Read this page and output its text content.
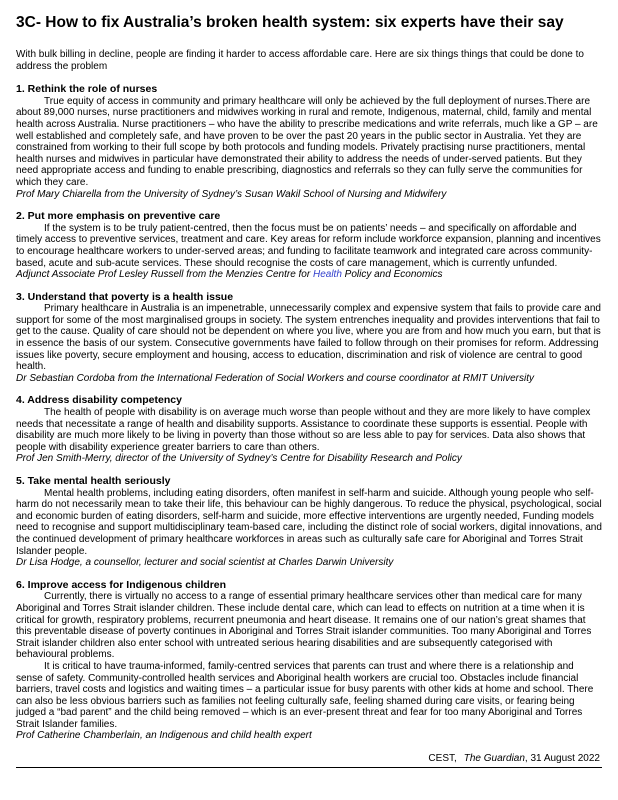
3C- How to fix Australia’s broken health system: six experts have their say

With bulk billing in decline, people are finding it harder to access affordable care. Here are six things things that could be done to address the problem

1. Rethink the role of nurses

True equity of access in community and primary healthcare will only be achieved by the full deployment of nurses.There are about 89,000 nurses, nurse practitioners and midwives working in rural and remote, Indigenous, maternal, child, family and mental health across Australia. Nurse practitioners – who have the ability to prescribe medications and write referrals, much like a GP – are well established and completely safe, and have proven to be over the past 20 years in the public sector in Australia. Yet they are constrained from working to their full scope by both protocols and funding models. Privately practising nurse practitioners, mental health nurses and midwives in particular have demonstrated their ability to address the needs of under-served patients. But they need appropriate access and funding to enable prescribing, diagnostics and referrals so they can fully serve the communities for which they care.

Prof Mary Chiarella from the University of Sydney’s Susan Wakil School of Nursing and Midwifery

2. Put more emphasis on preventive care

If the system is to be truly patient-centred, then the focus must be on patients’ needs – and specifically on affordable and timely access to preventive services, treatment and care. Key areas for reform include workforce expansion, planning and incentives to encourage healthcare workers to under-served areas; and funding to facilitate teamwork and integrated care across community-based, acute and sub-acute services. These should recognise the costs of care management, which is currently unfunded.

Adjunct Associate Prof Lesley Russell from the Menzies Centre for Health Policy and Economics

3. Understand that poverty is a health issue

Primary healthcare in Australia is an impenetrable, unnecessarily complex and expensive system that fails to provide care and support for some of the most marginalised groups in society. The system entrenches inequality and provides interventions that fail to get to the cause. Quality of care should not be dependent on where you live, where you are from and how much you earn, but that is in essence the basis of our system. Consecutive governments have failed to follow through on their promises for reform. Addressing issues like poverty, secure employment and housing, access to education, discrimination and risk of violence are central to good health.

Dr Sebastian Cordoba from the International Federation of Social Workers and course coordinator at RMIT University

4. Address disability competency

The health of people with disability is on average much worse than people without and they are more likely to have complex needs that necessitate a range of health and disability supports. Assistance to coordinate these supports is essential. People with disability are much more likely to be living in poverty than those without so are less able to pay for services. Data also shows that people with disability experience greater barriers to care than others.

Prof Jen Smith-Merry, director of the University of Sydney’s Centre for Disability Research and Policy

5. Take mental health seriously

Mental health problems, including eating disorders, often manifest in self-harm and suicide. Although young people who self-harm do not necessarily mean to take their life, this behaviour can be highly dangerous. To reduce the physical, psychological, social and economic burden of eating disorders, self-harm and suicide, more effective interventions are urgently needed, Funding models need to recognise and support multidisciplinary team-based care, including the distinct role of social workers, digital innovations, and the continued development of primary healthcare workforces in areas such as culturally safe care for Aboriginal and Torres Strait Islander people.

Dr Lisa Hodge, a counsellor, lecturer and social scientist at Charles Darwin University

6. Improve access for Indigenous children

Currently, there is virtually no access to a range of essential primary healthcare services other than medical care for many Aboriginal and Torres Strait islander children. These include dental care, which can lead to effects on nutrition at a time when it is critical for growth, respiratory problems, recurrent pneumonia and heart disease. It remains one of our nation’s great shames that this preventable disease of poverty continues in Aboriginal and Torres Strait islander communities. Too many Aboriginal and Torres Strait islander children also enter school with untreated serious hearing disabilities and are subsequently categorised with behavioural problems.

It is critical to have trauma-informed, family-centred services that parents can trust and where there is a relationship and sense of safety. Community-controlled health services and Aboriginal health workers are crucial too. Obstacles include financial barriers, travel costs and logistics and waiting times – a particular issue for busy parents with other kids at home and school. There can also be less obvious barriers such as families not feeling culturally safe, feeling shamed during care visits, or fearing being judged a “bad parent” and the child being removed – which is an ever-present threat and fear for too many Aboriginal and Torres Strait Islander families.

Prof Catherine Chamberlain, an Indigenous and child health expert

CEST, The Guardian, 31 August 2022
